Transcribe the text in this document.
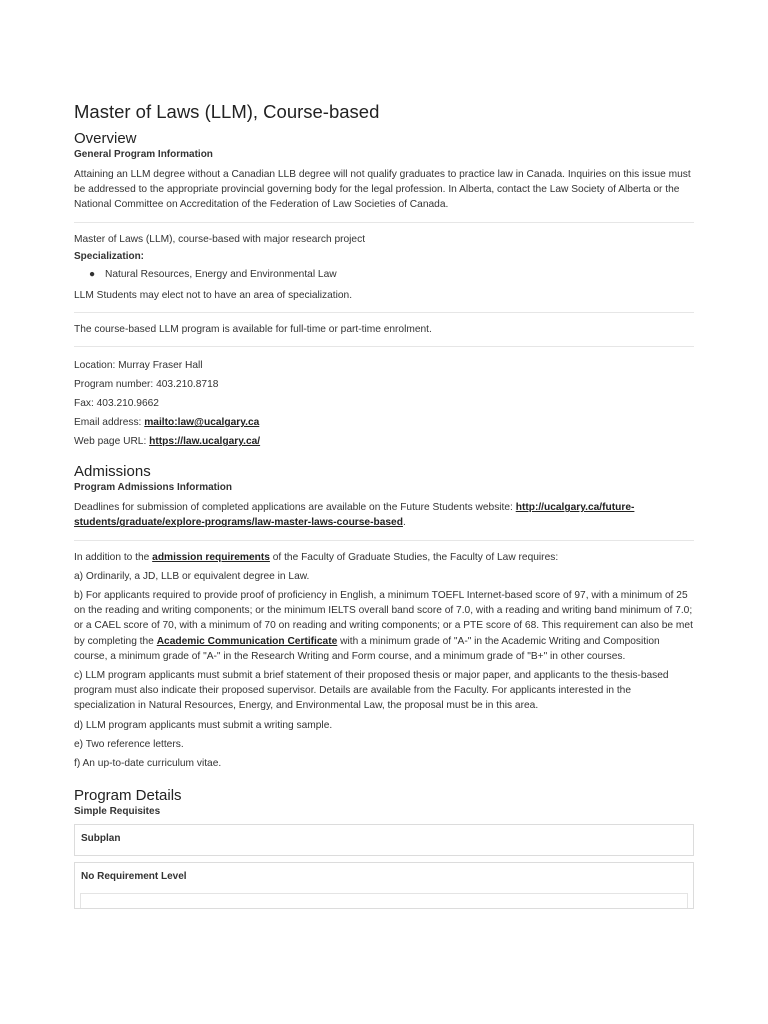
Master of Laws (LLM), Course-based
Overview
General Program Information

Attaining an LLM degree without a Canadian LLB degree will not qualify graduates to practice law in Canada. Inquiries on this issue must be addressed to the appropriate provincial governing body for the legal profession. In Alberta, contact the Law Society of Alberta or the National Committee on Accreditation of the Federation of Law Societies of Canada.

Master of Laws (LLM), course-based with major research project

Specialization:
● Natural Resources, Energy and Environmental Law

LLM Students may elect not to have an area of specialization.

The course-based LLM program is available for full-time or part-time enrolment.

Location: Murray Fraser Hall

Program number: 403.210.8718

Fax: 403.210.9662

Email address: mailto:law@ucalgary.ca

Web page URL: https://law.ucalgary.ca/

Admissions
Program Admissions Information

Deadlines for submission of completed applications are available on the Future Students website: http://ucalgary.ca/future-students/graduate/explore-programs/law-master-laws-course-based.

In addition to the admission requirements of the Faculty of Graduate Studies, the Faculty of Law requires:

a) Ordinarily, a JD, LLB or equivalent degree in Law.

b) For applicants required to provide proof of proficiency in English, a minimum TOEFL Internet-based score of 97, with a minimum of 25 on the reading and writing components; or the minimum IELTS overall band score of 7.0, with a reading and writing band minimum of 7.0; or a CAEL score of 70, with a minimum of 70 on reading and writing components; or a PTE score of 68. This requirement can also be met by completing the Academic Communication Certificate with a minimum grade of "A-" in the Academic Writing and Composition course, a minimum grade of "A-" in the Research Writing and Form course, and a minimum grade of "B+" in other courses.

c) LLM program applicants must submit a brief statement of their proposed thesis or major paper, and applicants to the thesis-based program must also indicate their proposed supervisor. Details are available from the Faculty. For applicants interested in the specialization in Natural Resources, Energy, and Environmental Law, the proposal must be in this area.

d) LLM program applicants must submit a writing sample.

e) Two reference letters.

f) An up-to-date curriculum vitae.

Program Details
Simple Requisites
Subplan
No Requirement Level
